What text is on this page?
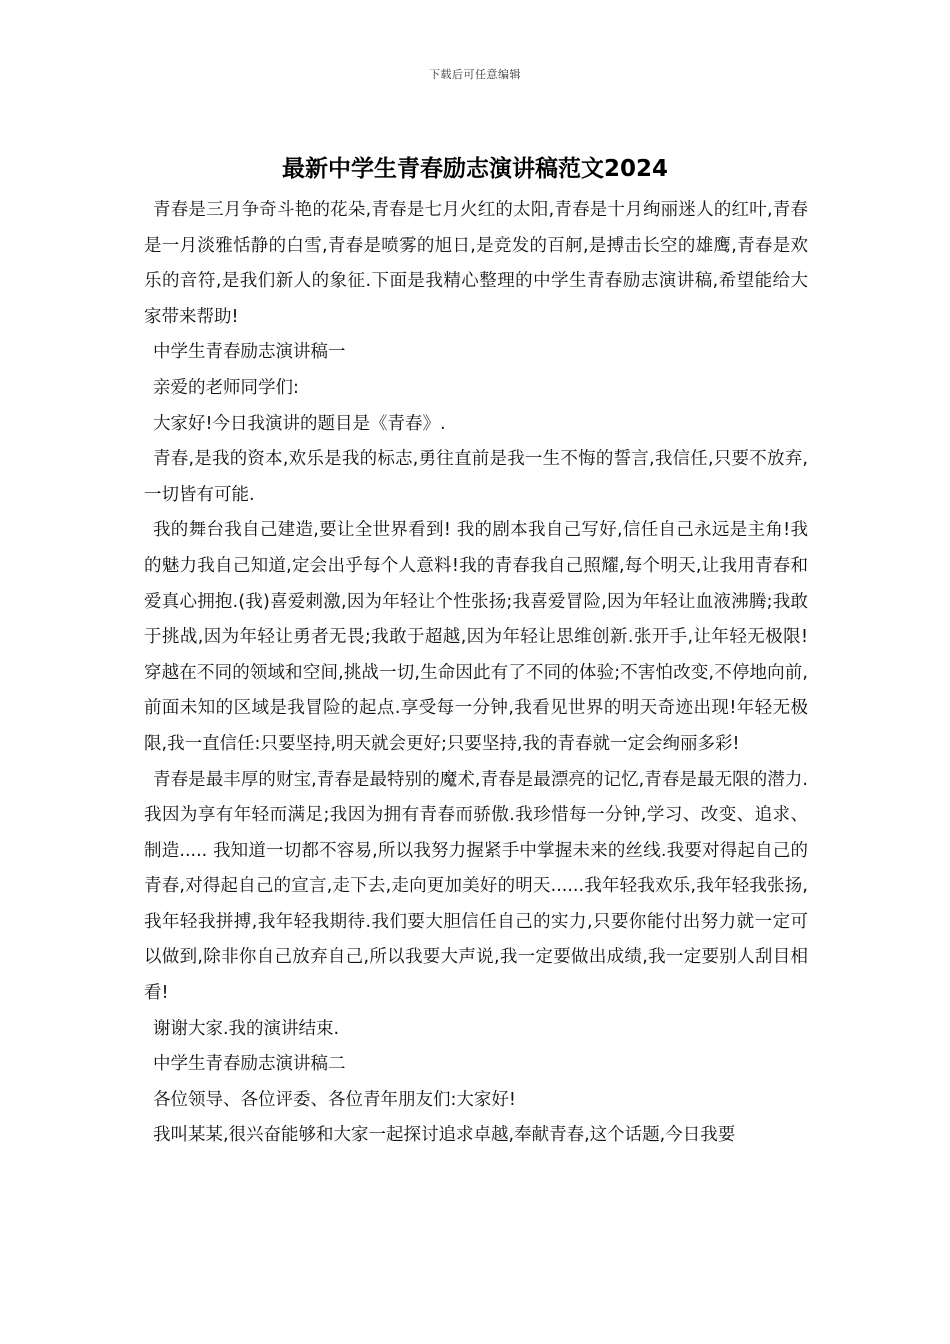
下载后可任意编辑
最新中学生青春励志演讲稿范文2024

青春是三月争奇斗艳的花朵,青春是七月火红的太阳,青春是十月绚丽迷人的红叶,青春是一月淡雅恬静的白雪,青春是喷雾的旭日,是竞发的百舸,是搏击长空的雄鹰,青春是欢乐的音符,是我们新人的象征.下面是我精心整理的中学生青春励志演讲稿,希望能给大家带来帮助!

中学生青春励志演讲稿一

亲爱的老师同学们:

大家好!今日我演讲的题目是《青春》.

青春,是我的资本,欢乐是我的标志,勇往直前是我一生不悔的誓言,我信任,只要不放弃,一切皆有可能.

我的舞台我自己建造,要让全世界看到! 我的剧本我自己写好,信任自己永远是主角!我的魅力我自己知道,定会出乎每个人意料!我的青春我自己照耀,每个明天,让我用青春和爱真心拥抱.(我)喜爱刺激,因为年轻让个性张扬;我喜爱冒险,因为年轻让血液沸腾;我敢于挑战,因为年轻让勇者无畏;我敢于超越,因为年轻让思维创新.张开手,让年轻无极限!穿越在不同的领域和空间,挑战一切,生命因此有了不同的体验;不害怕改变,不停地向前,前面未知的区域是我冒险的起点.享受每一分钟,我看见世界的明天奇迹出现!年轻无极限,我一直信任:只要坚持,明天就会更好;只要坚持,我的青春就一定会绚丽多彩!

青春是最丰厚的财宝,青春是最特别的魔术,青春是最漂亮的记忆,青春是最无限的潜力.我因为享有年轻而满足;我因为拥有青春而骄傲.我珍惜每一分钟,学习、改变、追求、制造..... 我知道一切都不容易,所以我努力握紧手中掌握未来的丝线.我要对得起自己的青春,对得起自己的宣言,走下去,走向更加美好的明天......我年轻我欢乐,我年轻我张扬,我年轻我拼搏,我年轻我期待.我们要大胆信任自己的实力,只要你能付出努力就一定可以做到,除非你自己放弃自己,所以我要大声说,我一定要做出成绩,我一定要别人刮目相看!

谢谢大家.我的演讲结束.

中学生青春励志演讲稿二

各位领导、各位评委、各位青年朋友们:大家好!

我叫某某,很兴奋能够和大家一起探讨追求卓越,奉献青春,这个话题,今日我要
